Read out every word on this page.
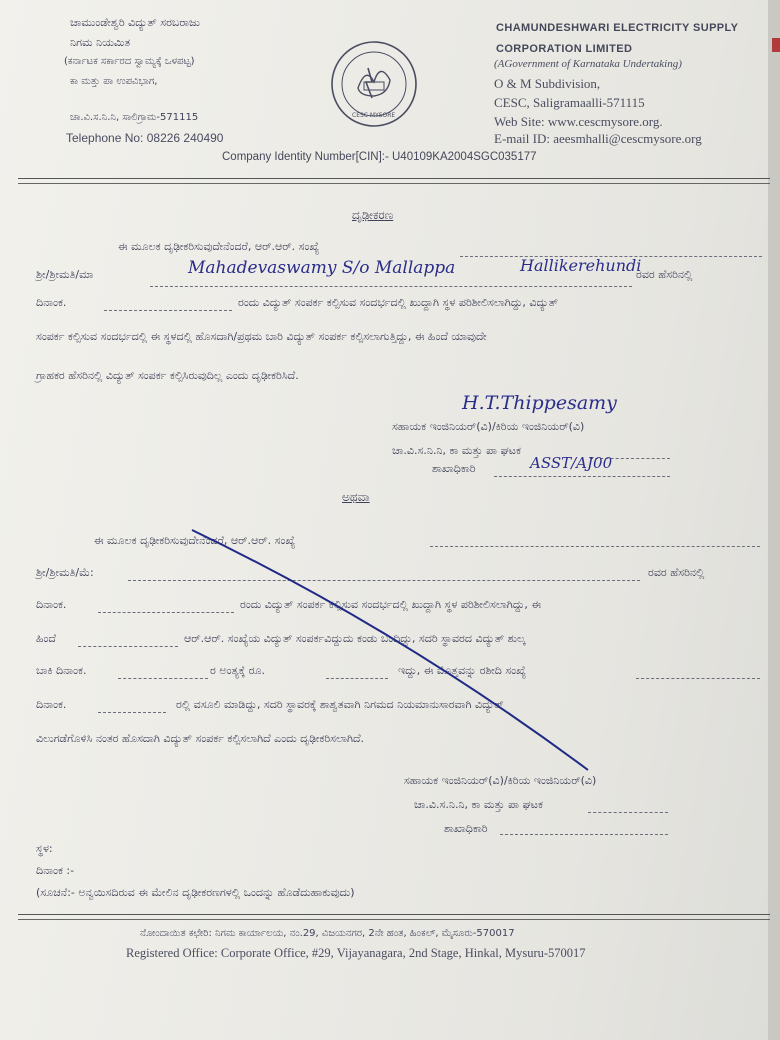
ಚಾಮುಂಡೇಶ್ವರಿ ವಿದ್ಯುತ್ ಸರಬರಾಜು
ನಿಗಮ ನಿಯಮಿತ
(ಕರ್ನಾಟಕ ಸರ್ಕಾರದ ಸ್ವಾಮ್ಯಕ್ಕೆ ಒಳಪಟ್ಟ)
ಕಾ ಮತ್ತು ಪಾ ಉಪವಿಭಾಗ,
ಚಾ.ವಿ.ಸ.ನಿ.ನಿ, ಸಾಲಿಗ್ರಾಮ-571115
Telephone No: 08226 240490
CESC MYSORE
CHAMUNDESHWARI ELECTRICITY SUPPLY
CORPORATION LIMITED
(AGovernment of Karnataka Undertaking)
O & M Subdivision,
CESC, Saligramaalli-571115
Web Site: www.cescmysore.org.
E-mail ID: aeesmhalli@cescmysore.org
Company Identity Number[CIN]:- U40109KA2004SGC035177
ದೃಢೀಕರಣ
ಈ ಮೂಲಕ ದೃಢೀಕರಿಸುವುದೇನೆಂದರೆ, ಆರ್.ಆರ್. ಸಂಖ್ಯೆ
ಶ್ರೀ/ಶ್ರೀಮತಿ/ಮಾ	Mahadevaswamy S/o Mallappa	Hallikerehundi
ರವರ ಹೆಸರಿನಲ್ಲಿ
ದಿನಾಂಕ.	ರಂದು ವಿದ್ಯುತ್ ಸಂಪರ್ಕ ಕಲ್ಪಿಸುವ ಸಂದರ್ಭದಲ್ಲಿ ಖುದ್ದಾಗಿ ಸ್ಥಳ ಪರಿಶೀಲಿಸಲಾಗಿದ್ದು, ವಿದ್ಯುತ್
ಸಂಪರ್ಕ ಕಲ್ಪಿಸುವ ಸಂದರ್ಭದಲ್ಲಿ ಈ ಸ್ಥಳದಲ್ಲಿ ಹೊಸದಾಗಿ/ಪ್ರಥಮ ಬಾರಿ ವಿದ್ಯುತ್ ಸಂಪರ್ಕ ಕಲ್ಪಿಸಲಾಗುತ್ತಿದ್ದು, ಈ ಹಿಂದೆ ಯಾವುದೇ
ಗ್ರಾಹಕರ ಹೆಸರಿನಲ್ಲಿ ವಿದ್ಯುತ್ ಸಂಪರ್ಕ ಕಲ್ಪಿಸಿರುವುದಿಲ್ಲ ಎಂದು ದೃಢೀಕರಿಸಿದೆ.
H.T.Thippesamy
ಸಹಾಯಕ ಇಂಜಿನಿಯರ್(ವಿ)/ಕಿರಿಯ ಇಂಜಿನಿಯರ್(ವಿ)
ಚಾ.ವಿ.ಸ.ನಿ.ನಿ, ಕಾ ಮತ್ತು ಪಾ ಘಟಕ
ಶಾಖಾಧಿಕಾರಿ	ASST/AJ00
ಅಥವಾ
ಈ ಮೂಲಕ ದೃಢೀಕರಿಸುವುದೇನೆಂದರೆ, ಆರ್.ಆರ್. ಸಂಖ್ಯೆ
ಶ್ರೀ/ಶ್ರೀಮತಿ/ಮೆ:	ರವರ ಹೆಸರಿನಲ್ಲಿ
ದಿನಾಂಕ.	ರಂದು ವಿದ್ಯುತ್ ಸಂಪರ್ಕ ಕಲ್ಪಿಸುವ ಸಂದರ್ಭದಲ್ಲಿ ಖುದ್ದಾಗಿ ಸ್ಥಳ ಪರಿಶೀಲಿಸಲಾಗಿದ್ದು, ಈ
ಹಿಂದೆ	ಆರ್.ಆರ್. ಸಂಖ್ಯೆಯ ವಿದ್ಯುತ್ ಸಂಪರ್ಕವಿದ್ದುದು ಕಂಡು ಬಂದಿದ್ದು, ಸದರಿ ಸ್ಥಾವರದ ವಿದ್ಯುತ್ ಶುಲ್ಕ
ಬಾಕಿ ದಿನಾಂಕ.	ರ ಅಂತ್ಯಕ್ಕೆ ರೂ.	ಇದ್ದು, ಈ ಮೊತ್ತವನ್ನು ರಶೀದಿ ಸಂಖ್ಯೆ
ದಿನಾಂಕ.	ರಲ್ಲಿ ವಸೂಲಿ ಮಾಡಿದ್ದು, ಸದರಿ ಸ್ಥಾವರಕ್ಕೆ ಶಾಶ್ವತವಾಗಿ ನಿಗಮದ ನಿಯಮಾನುಸಾರವಾಗಿ ವಿದ್ಯುತ್
ವಿಲುಗಡೆಗೊಳಿಸಿ ನಂತರ ಹೊಸದಾಗಿ ವಿದ್ಯುತ್ ಸಂಪರ್ಕ ಕಲ್ಪಿಸಲಾಗಿದೆ ಎಂದು ದೃಢೀಕರಿಸಲಾಗಿದೆ.
ಸಹಾಯಕ ಇಂಜಿನಿಯರ್(ವಿ)/ಕಿರಿಯ ಇಂಜಿನಿಯರ್(ವಿ)
ಚಾ.ವಿ.ಸ.ನಿ.ನಿ, ಕಾ ಮತ್ತು ಪಾ ಘಟಕ
ಶಾಖಾಧಿಕಾರಿ
ಸ್ಥಳ:
ದಿನಾಂಕ :-
(ಸೂಚನೆ:- ಅನ್ವಯಿಸದಿರುವ ಈ ಮೇಲಿನ ದೃಢೀಕರಣಗಳಲ್ಲಿ ಒಂದನ್ನು ಹೊಡೆದುಹಾಕುವುದು)
ನೋಂದಾಯಿತ ಕಛೇರಿ: ನಿಗಮ ಕಾರ್ಯಾಲಯ, ನಂ.29, ವಿಜಯನಗರ, 2ನೇ ಹಂತ, ಹಿಂಕಲ್, ಮೈಸೂರು-570017
Registered Office: Corporate Office, #29, Vijayanagara, 2nd Stage, Hinkal, Mysuru-570017
